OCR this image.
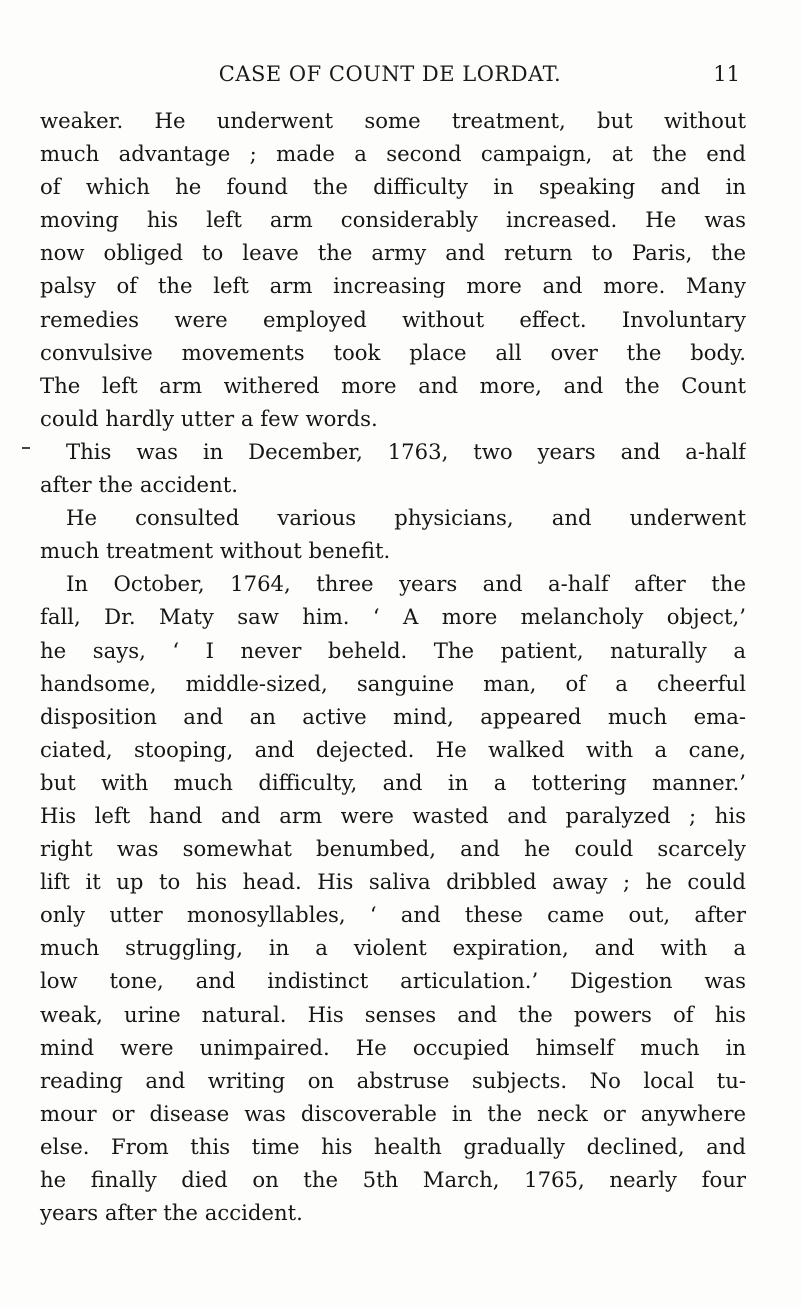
CASE OF COUNT DE LORDAT.	11
weaker. He underwent some treatment, but without
much advantage ; made a second campaign, at the end
of which he found the difficulty in speaking and in
moving his left arm considerably increased. He was
now obliged to leave the army and return to Paris, the
palsy of the left arm increasing more and more. Many
remedies were employed without effect. Involuntary
convulsive movements took place all over the body.
The left arm withered more and more, and the Count
could hardly utter a few words.
This was in December, 1763, two years and a-half
after the accident.
He consulted various physicians, and underwent
much treatment without benefit.
In October, 1764, three years and a-half after the
fall, Dr. Maty saw him. ‘ A more melancholy object,’
he says, ‘ I never beheld. The patient, naturally a
handsome, middle-sized, sanguine man, of a cheerful
disposition and an active mind, appeared much ema-
ciated, stooping, and dejected. He walked with a cane,
but with much difficulty, and in a tottering manner.’
His left hand and arm were wasted and paralyzed ; his
right was somewhat benumbed, and he could scarcely
lift it up to his head. His saliva dribbled away ; he could
only utter monosyllables, ‘ and these came out, after
much struggling, in a violent expiration, and with a
low tone, and indistinct articulation.’ Digestion was
weak, urine natural. His senses and the powers of his
mind were unimpaired. He occupied himself much in
reading and writing on abstruse subjects. No local tu-
mour or disease was discoverable in the neck or anywhere
else. From this time his health gradually declined, and
he finally died on the 5th March, 1765, nearly four
years after the accident.
